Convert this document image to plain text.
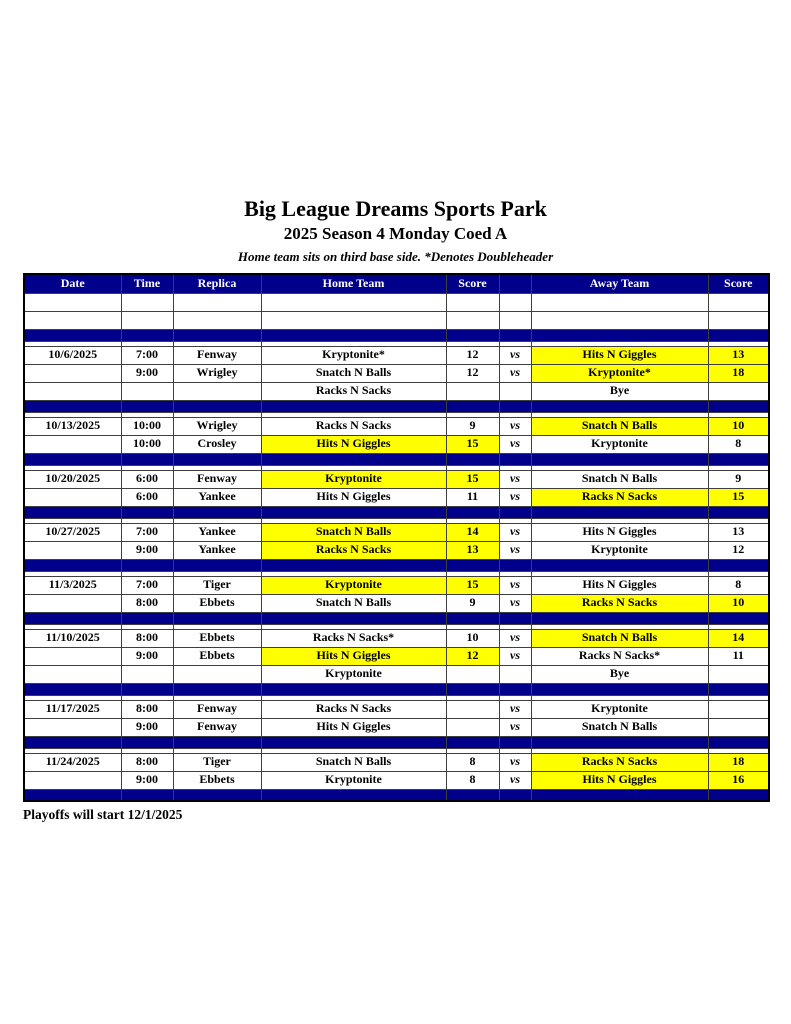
Big League Dreams Sports Park
2025 Season 4 Monday Coed A
Home team sits on third base side. *Denotes Doubleheader
Date	Time	Replica	Home Team	Score		Away Team	Score

10/6/2025	7:00	Fenway	Kryptonite*	12	vs	Hits N Giggles	13
	9:00	Wrigley	Snatch N Balls	12	vs	Kryptonite*	18
			Racks N Sacks			Bye	

10/13/2025	10:00	Wrigley	Racks N Sacks	9	vs	Snatch N Balls	10
	10:00	Crosley	Hits N Giggles	15	vs	Kryptonite	8

10/20/2025	6:00	Fenway	Kryptonite	15	vs	Snatch N Balls	9
	6:00	Yankee	Hits N Giggles	11	vs	Racks N Sacks	15

10/27/2025	7:00	Yankee	Snatch N Balls	14	vs	Hits N Giggles	13
	9:00	Yankee	Racks N Sacks	13	vs	Kryptonite	12

11/3/2025	7:00	Tiger	Kryptonite	15	vs	Hits N Giggles	8
	8:00	Ebbets	Snatch N Balls	9	vs	Racks N Sacks	10

11/10/2025	8:00	Ebbets	Racks N Sacks*	10	vs	Snatch N Balls	14
	9:00	Ebbets	Hits N Giggles	12	vs	Racks N Sacks*	11
			Kryptonite			Bye	

11/17/2025	8:00	Fenway	Racks N Sacks		vs	Kryptonite	
	9:00	Fenway	Hits N Giggles		vs	Snatch N Balls	

11/24/2025	8:00	Tiger	Snatch N Balls	8	vs	Racks N Sacks	18
	9:00	Ebbets	Kryptonite	8	vs	Hits N Giggles	16

Playoffs will start 12/1/2025
